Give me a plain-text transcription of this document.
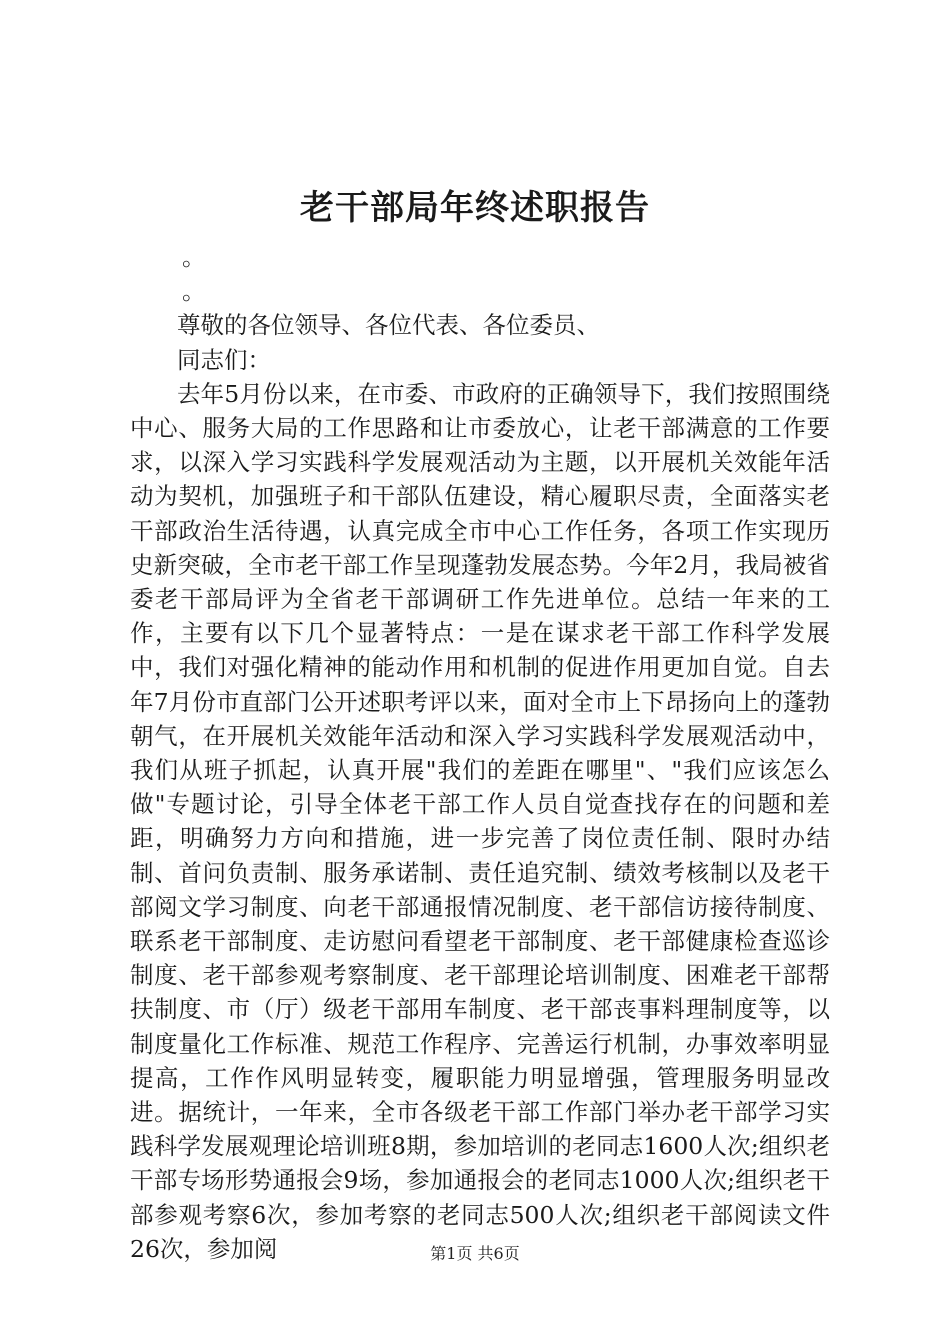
老干部局年终述职报告

。

。

尊敬的各位领导、各位代表、各位委员、

同志们：

去年5月份以来，在市委、市政府的正确领导下，我们按照围绕中心、服务大局的工作思路和让市委放心，让老干部满意的工作要求，以深入学习实践科学发展观活动为主题，以开展机关效能年活动为契机，加强班子和干部队伍建设，精心履职尽责，全面落实老干部政治生活待遇，认真完成全市中心工作任务，各项工作实现历史新突破，全市老干部工作呈现蓬勃发展态势。今年2月，我局被省委老干部局评为全省老干部调研工作先进单位。总结一年来的工作，主要有以下几个显著特点：一是在谋求老干部工作科学发展中，我们对强化精神的能动作用和机制的促进作用更加自觉。自去年7月份市直部门公开述职考评以来，面对全市上下昂扬向上的蓬勃朝气，在开展机关效能年活动和深入学习实践科学发展观活动中，我们从班子抓起，认真开展"我们的差距在哪里"、"我们应该怎么做"专题讨论，引导全体老干部工作人员自觉查找存在的问题和差距，明确努力方向和措施，进一步完善了岗位责任制、限时办结制、首问负责制、服务承诺制、责任追究制、绩效考核制以及老干部阅文学习制度、向老干部通报情况制度、老干部信访接待制度、联系老干部制度、走访慰问看望老干部制度、老干部健康检查巡诊制度、老干部参观考察制度、老干部理论培训制度、困难老干部帮扶制度、市（厅）级老干部用车制度、老干部丧事料理制度等，以制度量化工作标准、规范工作程序、完善运行机制，办事效率明显提高，工作作风明显转变，履职能力明显增强，管理服务明显改进。据统计，一年来，全市各级老干部工作部门举办老干部学习实践科学发展观理论培训班8期，参加培训的老同志1600人次;组织老干部专场形势通报会9场，参加通报会的老同志1000人次;组织老干部参观考察6次，参加考察的老同志500人次;组织老干部阅读文件26次，参加阅	第1页 共6页
